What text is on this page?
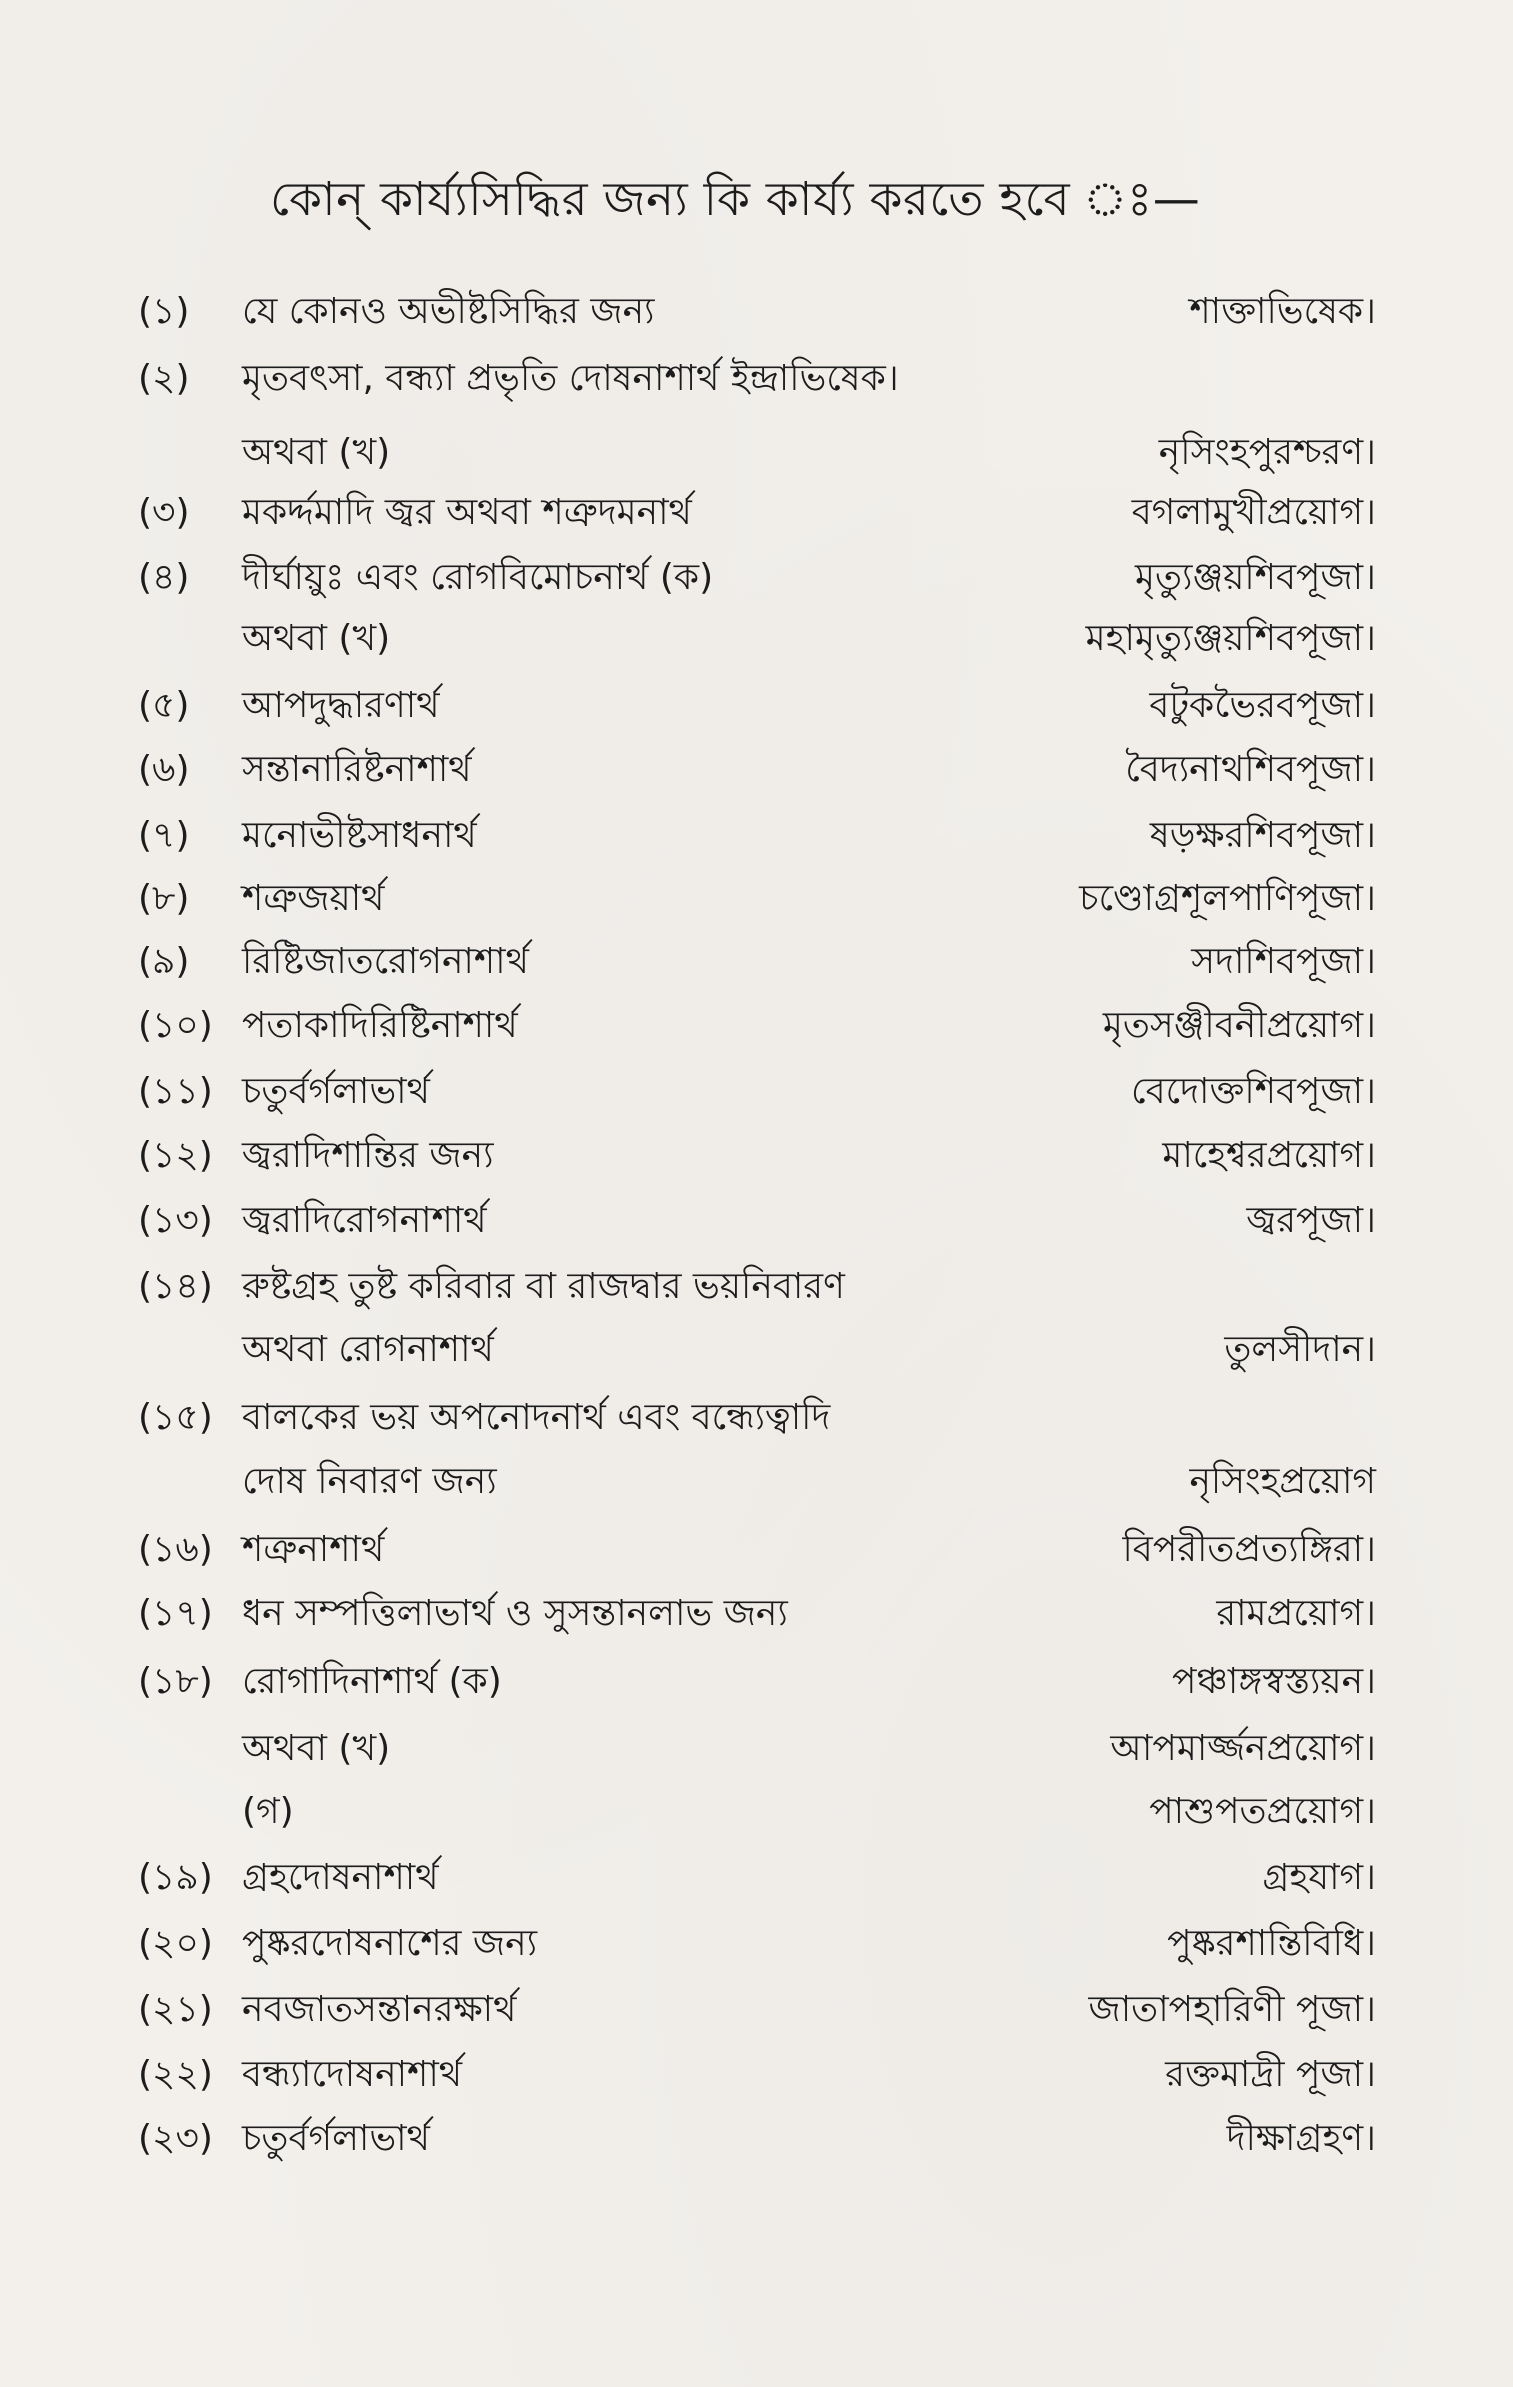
কোন্ কার্য্যসিদ্ধির জন্য কি কার্য্য করতে হবে ঃ—
(১) যে কোনও অভীষ্টসিদ্ধির জন্য	শাক্তাভিষেক।
(২) মৃতবৎসা, বন্ধ্যা প্রভৃতি দোষনাশার্থ ইন্দ্রাভিষেক।
অথবা (খ)	নৃসিংহপুরশ্চরণ।
(৩) মকর্দ্দমাদি জ্বর অথবা শত্রুদমনার্থ	বগলামুখীপ্রয়োগ।
(৪) দীর্ঘায়ুঃ এবং রোগবিমোচনার্থ (ক)	মৃত্যুঞ্জয়শিবপূজা।
অথবা (খ)	মহামৃত্যুঞ্জয়শিবপূজা।
(৫) আপদুদ্ধারণার্থ	বটুকভৈরবপূজা।
(৬) সন্তানারিষ্টনাশার্থ	বৈদ্যনাথশিবপূজা।
(৭) মনোভীষ্টসাধনার্থ	ষড়ক্ষরশিবপূজা।
(৮) শত্রুজয়ার্থ	চণ্ডোগ্রশূলপাণিপূজা।
(৯) রিষ্টিজাতরোগনাশার্থ	সদাশিবপূজা।
(১০) পতাকাদিরিষ্টিনাশার্থ	মৃতসঞ্জীবনীপ্রয়োগ।
(১১) চতুর্বর্গলাভার্থ	বেদোক্তশিবপূজা।
(১২) জ্বরাদিশান্তির জন্য	মাহেশ্বরপ্রয়োগ।
(১৩) জ্বরাদিরোগনাশার্থ	জ্বরপূজা।
(১৪) রুষ্টগ্রহ তুষ্ট করিবার বা রাজদ্বার ভয়নিবারণ
অথবা রোগনাশার্থ	তুলসীদান।
(১৫) বালকের ভয় অপনোদনার্থ এবং বন্ধ্যেত্বাদি
দোষ নিবারণ জন্য	নৃসিংহপ্রয়োগ
(১৬) শত্রুনাশার্থ	বিপরীতপ্রত্যঙ্গিরা।
(১৭) ধন সম্পত্তিলাভার্থ ও সুসন্তানলাভ জন্য	রামপ্রয়োগ।
(১৮) রোগাদিনাশার্থ (ক)	পঞ্চাঙ্গস্বস্ত্যয়ন।
অথবা (খ)	আপমার্জ্জনপ্রয়োগ।
(গ)	পাশুপতপ্রয়োগ।
(১৯) গ্রহদোষনাশার্থ	গ্রহযাগ।
(২০) পুষ্করদোষনাশের জন্য	পুষ্করশান্তিবিধি।
(২১) নবজাতসন্তানরক্ষার্থ	জাতাপহারিণী পূজা।
(২২) বন্ধ্যাদোষনাশার্থ	রক্তমাদ্রী পূজা।
(২৩) চতুর্বর্গলাভার্থ	দীক্ষাগ্রহণ।
